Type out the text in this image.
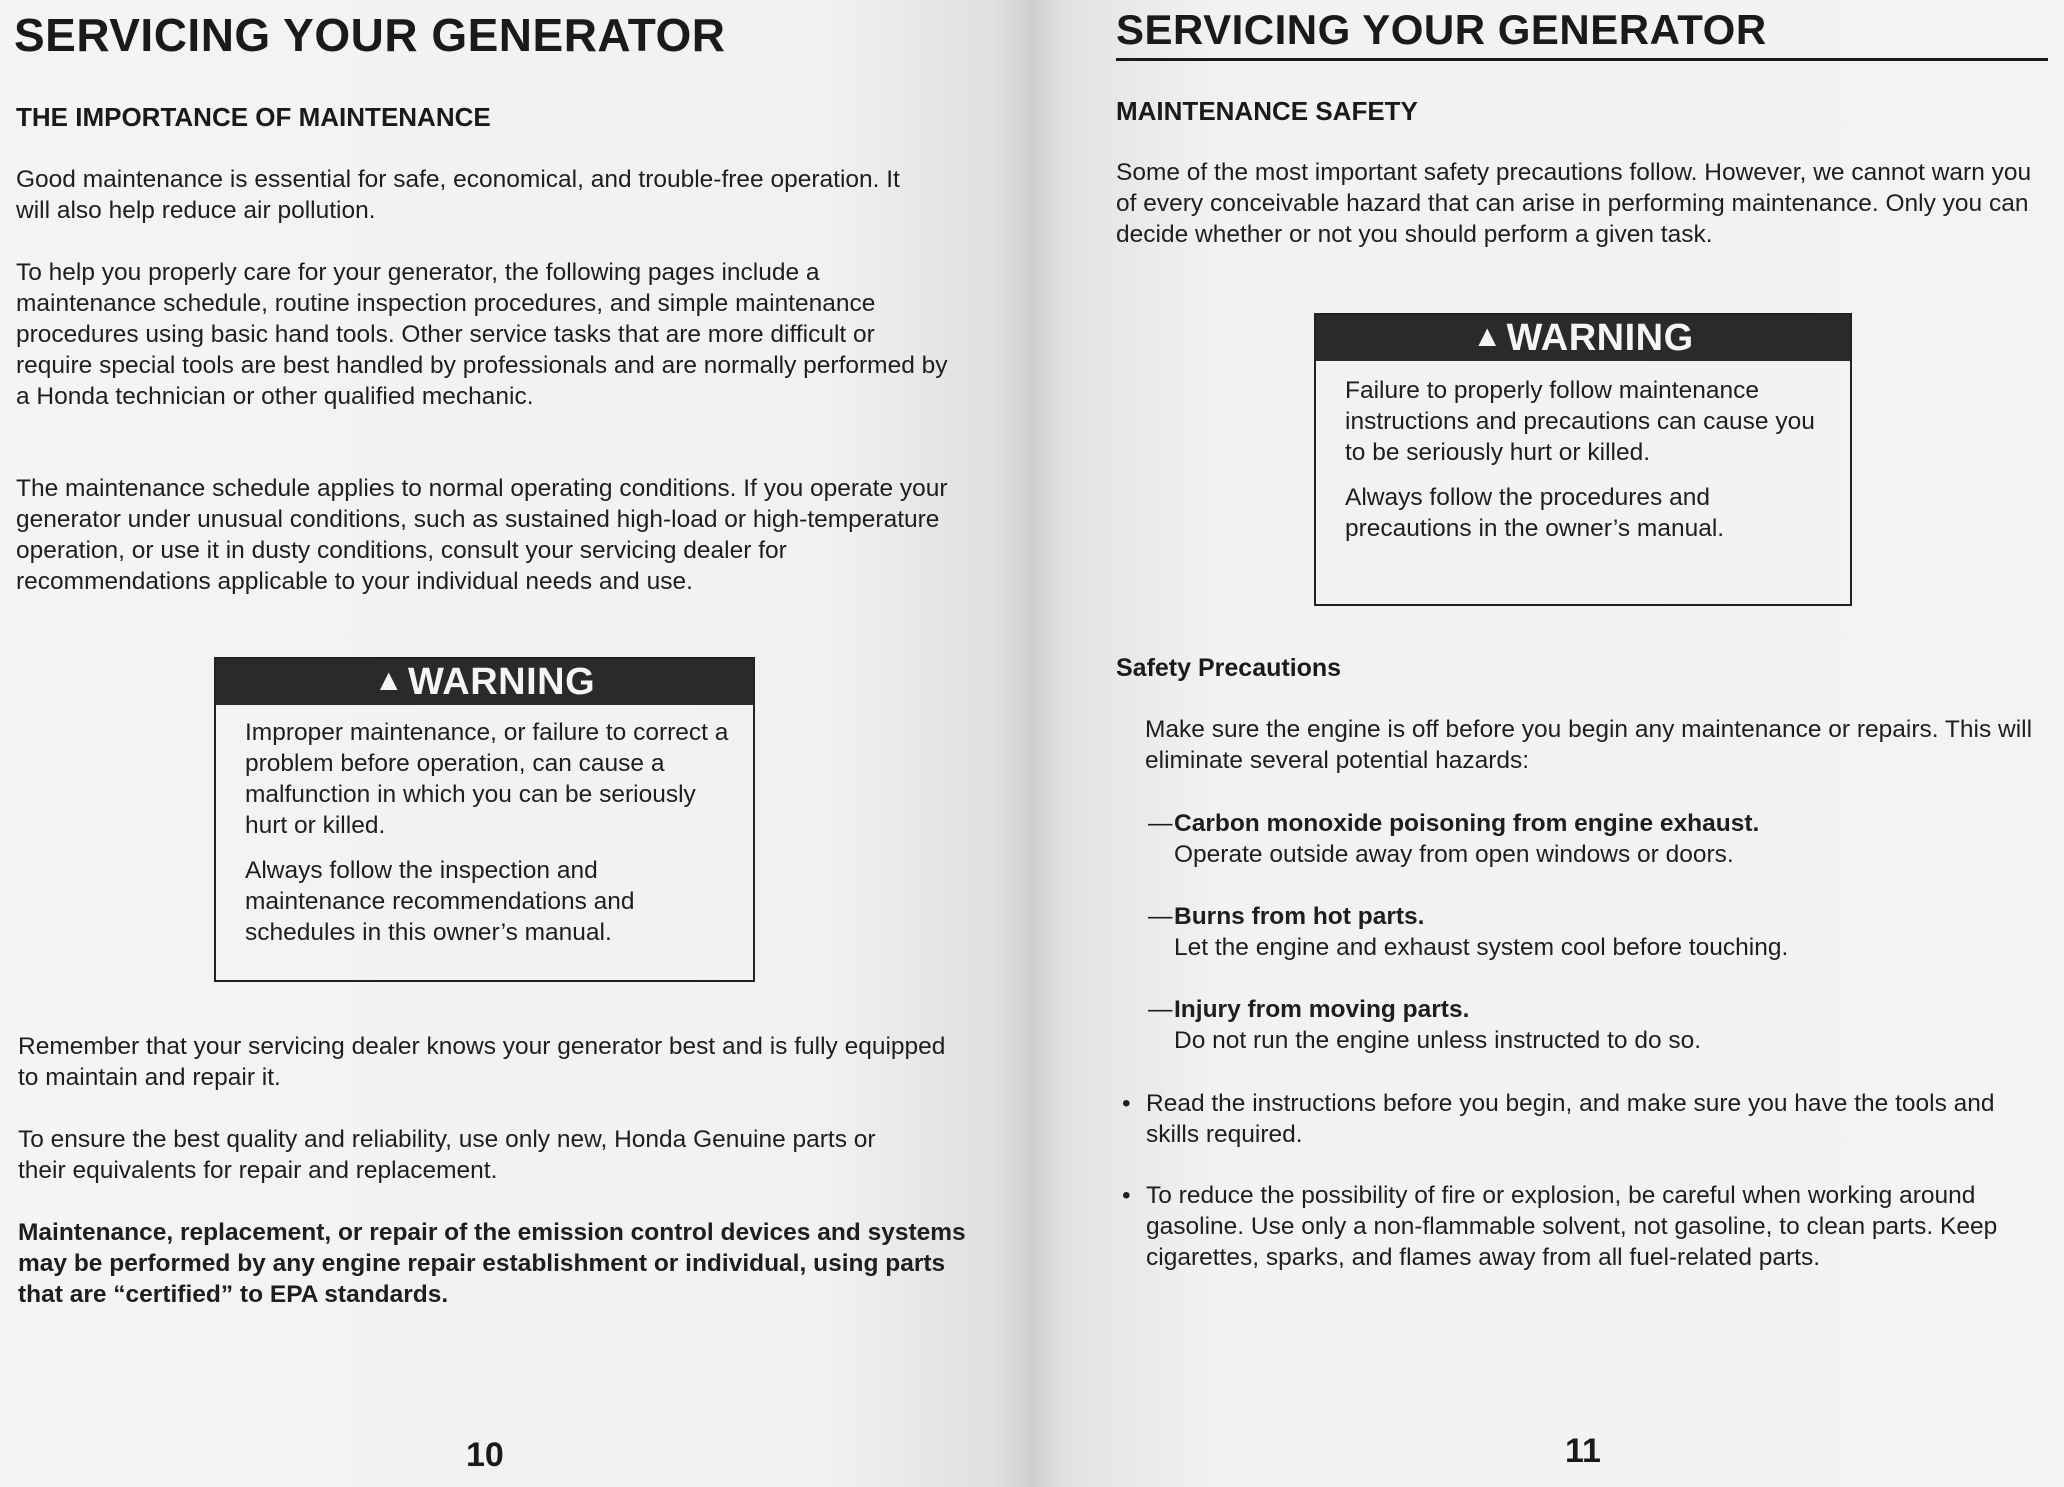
SERVICING YOUR GENERATOR
THE IMPORTANCE OF MAINTENANCE

Good maintenance is essential for safe, economical, and trouble-free operation. It will also help reduce air pollution.

To help you properly care for your generator, the following pages include a maintenance schedule, routine inspection procedures, and simple maintenance procedures using basic hand tools. Other service tasks that are more difficult or require special tools are best handled by professionals and are normally performed by a Honda technician or other qualified mechanic.

The maintenance schedule applies to normal operating conditions. If you operate your generator under unusual conditions, such as sustained high-load or high-temperature operation, or use it in dusty conditions, consult your servicing dealer for recommendations applicable to your individual needs and use.

▲ WARNING

Improper maintenance, or failure to correct a problem before operation, can cause a malfunction in which you can be seriously hurt or killed.

Always follow the inspection and maintenance recommendations and schedules in this owner’s manual.

Remember that your servicing dealer knows your generator best and is fully equipped to maintain and repair it.

To ensure the best quality and reliability, use only new, Honda Genuine parts or their equivalents for repair and replacement.

Maintenance, replacement, or repair of the emission control devices and systems may be performed by any engine repair establishment or individual, using parts that are “certified” to EPA standards.

10

SERVICING YOUR GENERATOR
MAINTENANCE SAFETY

Some of the most important safety precautions follow. However, we cannot warn you of every conceivable hazard that can arise in performing maintenance. Only you can decide whether or not you should perform a given task.

▲ WARNING

Failure to properly follow maintenance instructions and precautions can cause you to be seriously hurt or killed.

Always follow the procedures and precautions in the owner’s manual.

Safety Precautions

Make sure the engine is off before you begin any maintenance or repairs. This will eliminate several potential hazards:

— Carbon monoxide poisoning from engine exhaust.
Operate outside away from open windows or doors.
— Burns from hot parts.
Let the engine and exhaust system cool before touching.
— Injury from moving parts.
Do not run the engine unless instructed to do so.
• Read the instructions before you begin, and make sure you have the tools and skills required.
• To reduce the possibility of fire or explosion, be careful when working around gasoline. Use only a non-flammable solvent, not gasoline, to clean parts. Keep cigarettes, sparks, and flames away from all fuel-related parts.

11
